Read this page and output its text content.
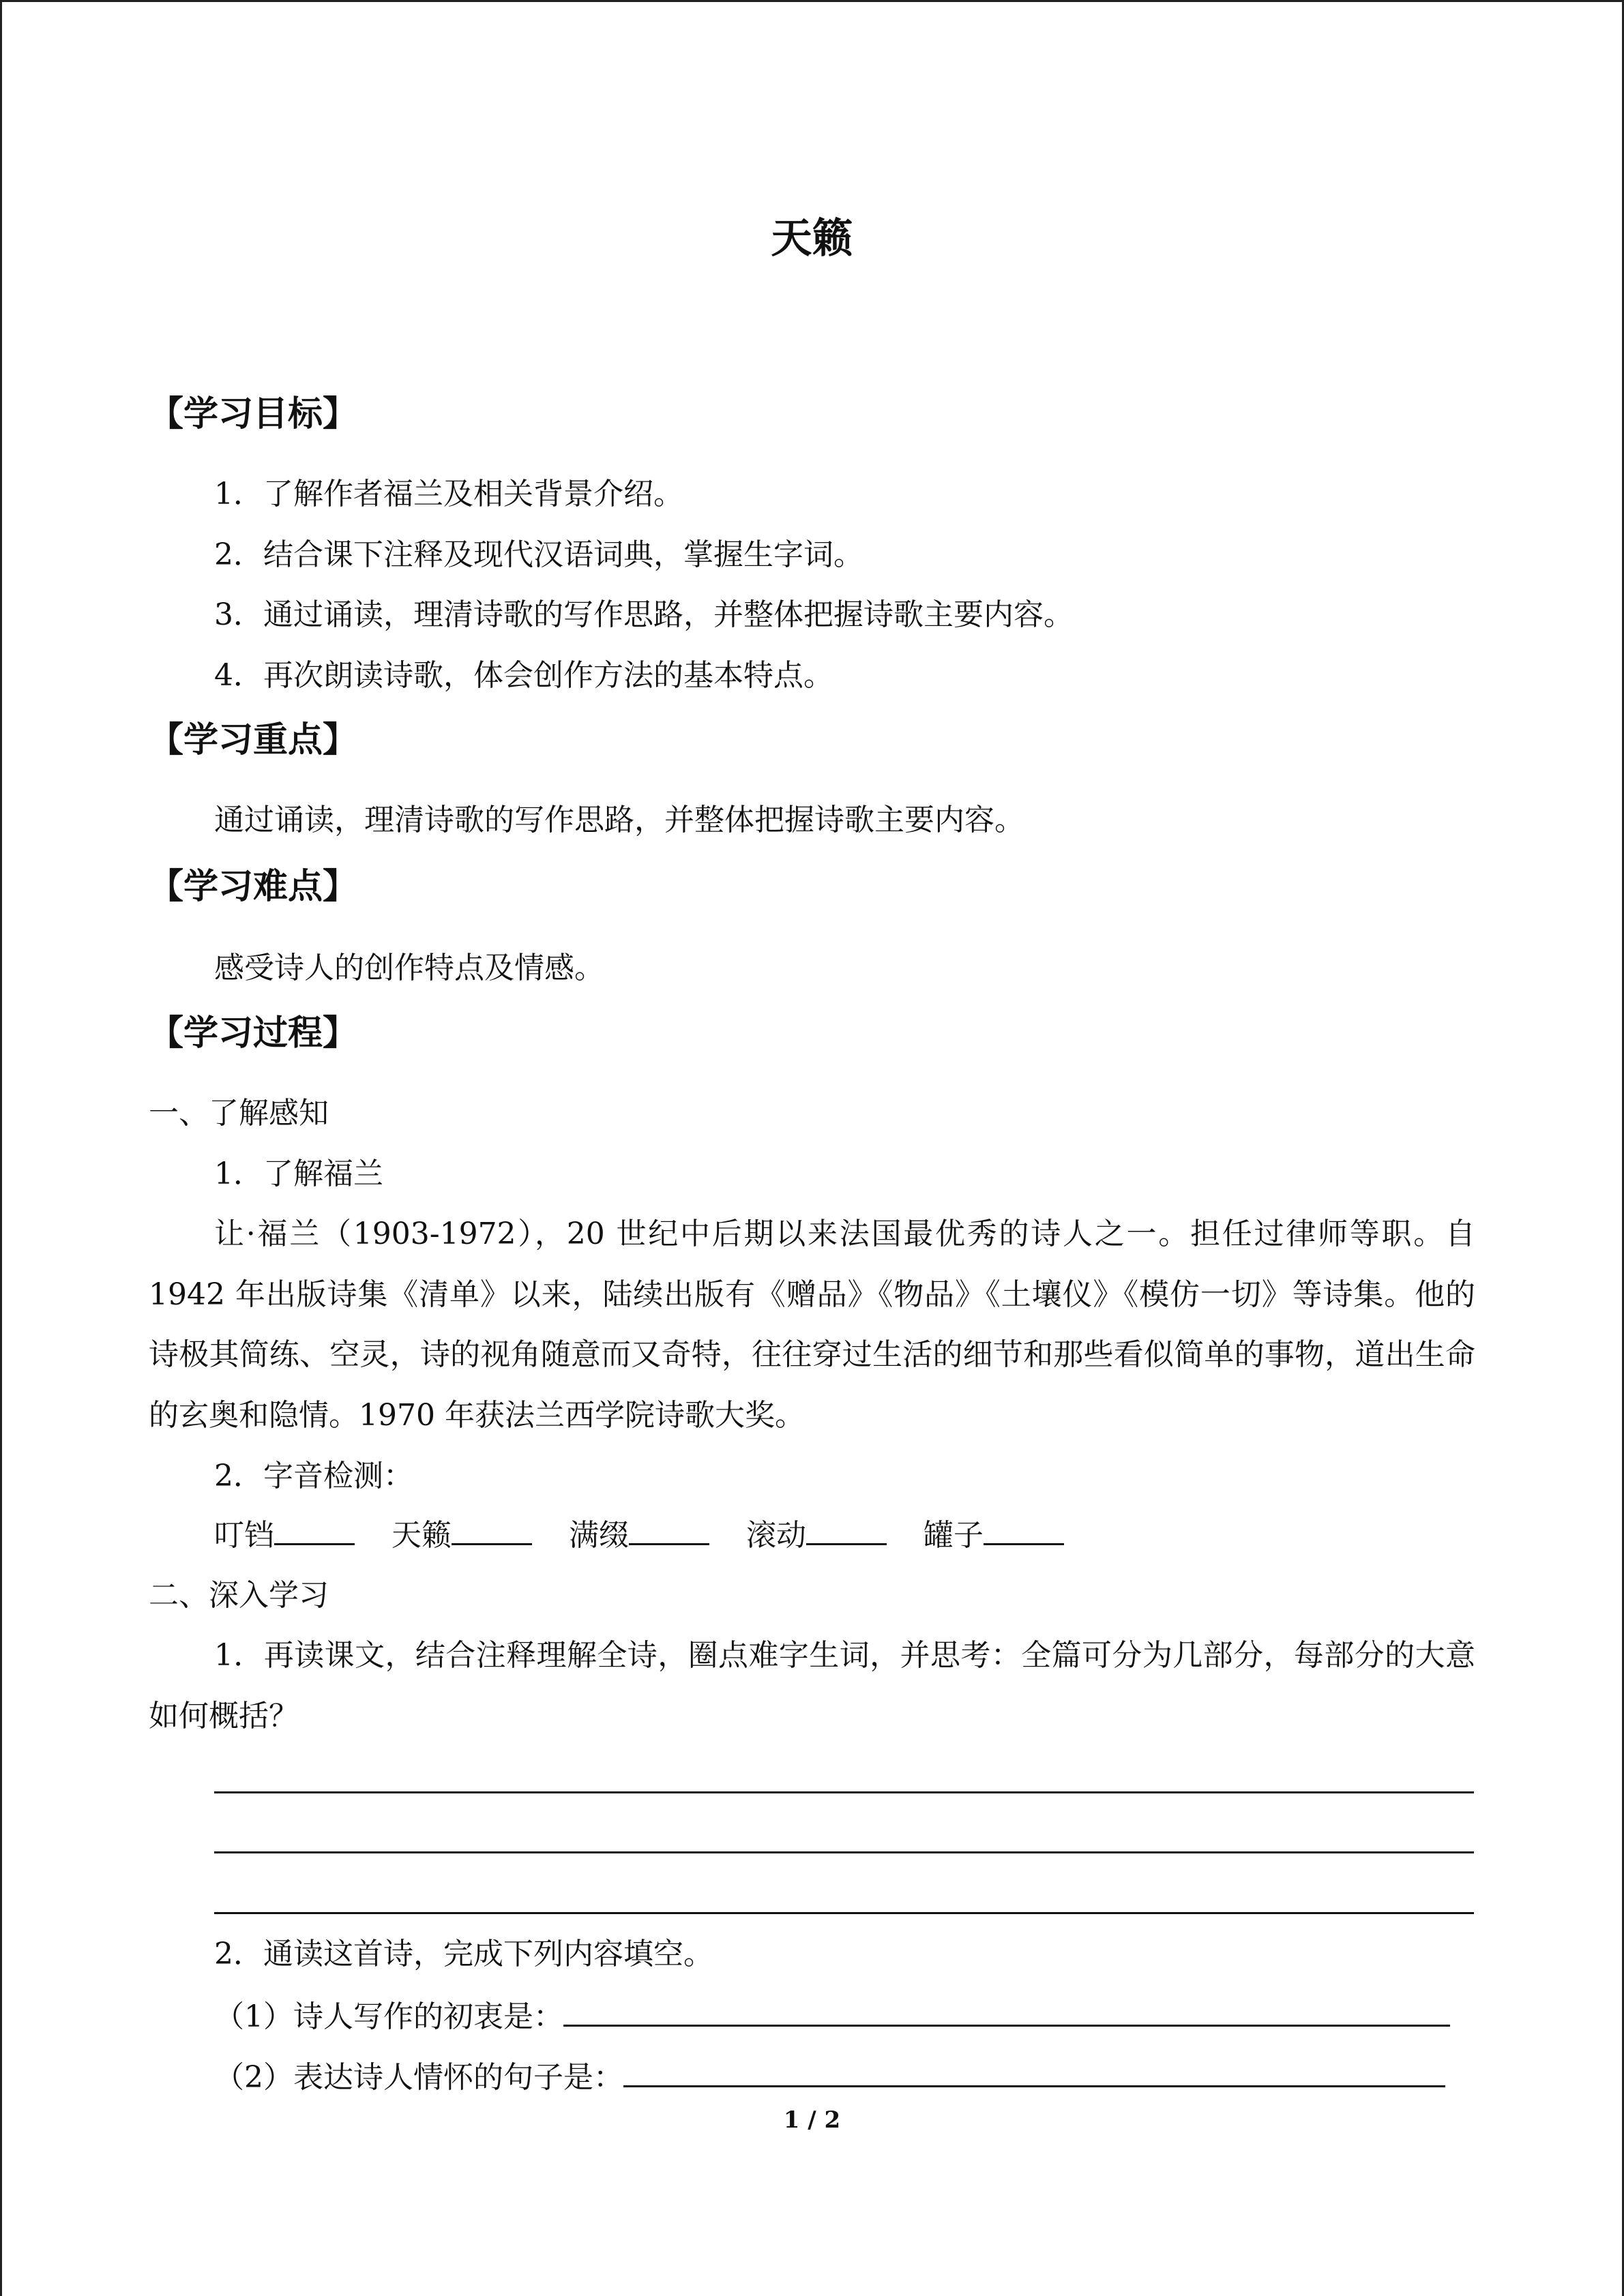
天籁
【学习目标】
1．了解作者福兰及相关背景介绍。
2．结合课下注释及现代汉语词典，掌握生字词。
3．通过诵读，理清诗歌的写作思路，并整体把握诗歌主要内容。
4．再次朗读诗歌，体会创作方法的基本特点。
【学习重点】
通过诵读，理清诗歌的写作思路，并整体把握诗歌主要内容。
【学习难点】
感受诗人的创作特点及情感。
【学习过程】
一、了解感知
1．了解福兰
让·福兰（1903-1972），20 世纪中后期以来法国最优秀的诗人之一。担任过律师等职。自 1942 年出版诗集《清单》以来，陆续出版有《赠品》《物品》《土壤仪》《模仿一切》等诗集。他的诗极其简练、空灵，诗的视角随意而又奇特，往往穿过生活的细节和那些看似简单的事物，道出生命的玄奥和隐情。1970 年获法兰西学院诗歌大奖。
2．字音检测：
叮铛	天籁	满缀	滚动	罐子
二、深入学习
1．再读课文，结合注释理解全诗，圈点难字生词，并思考：全篇可分为几部分，每部分的大意如何概括？
2．通读这首诗，完成下列内容填空。
（1）诗人写作的初衷是：
（2）表达诗人情怀的句子是：
1 / 2
